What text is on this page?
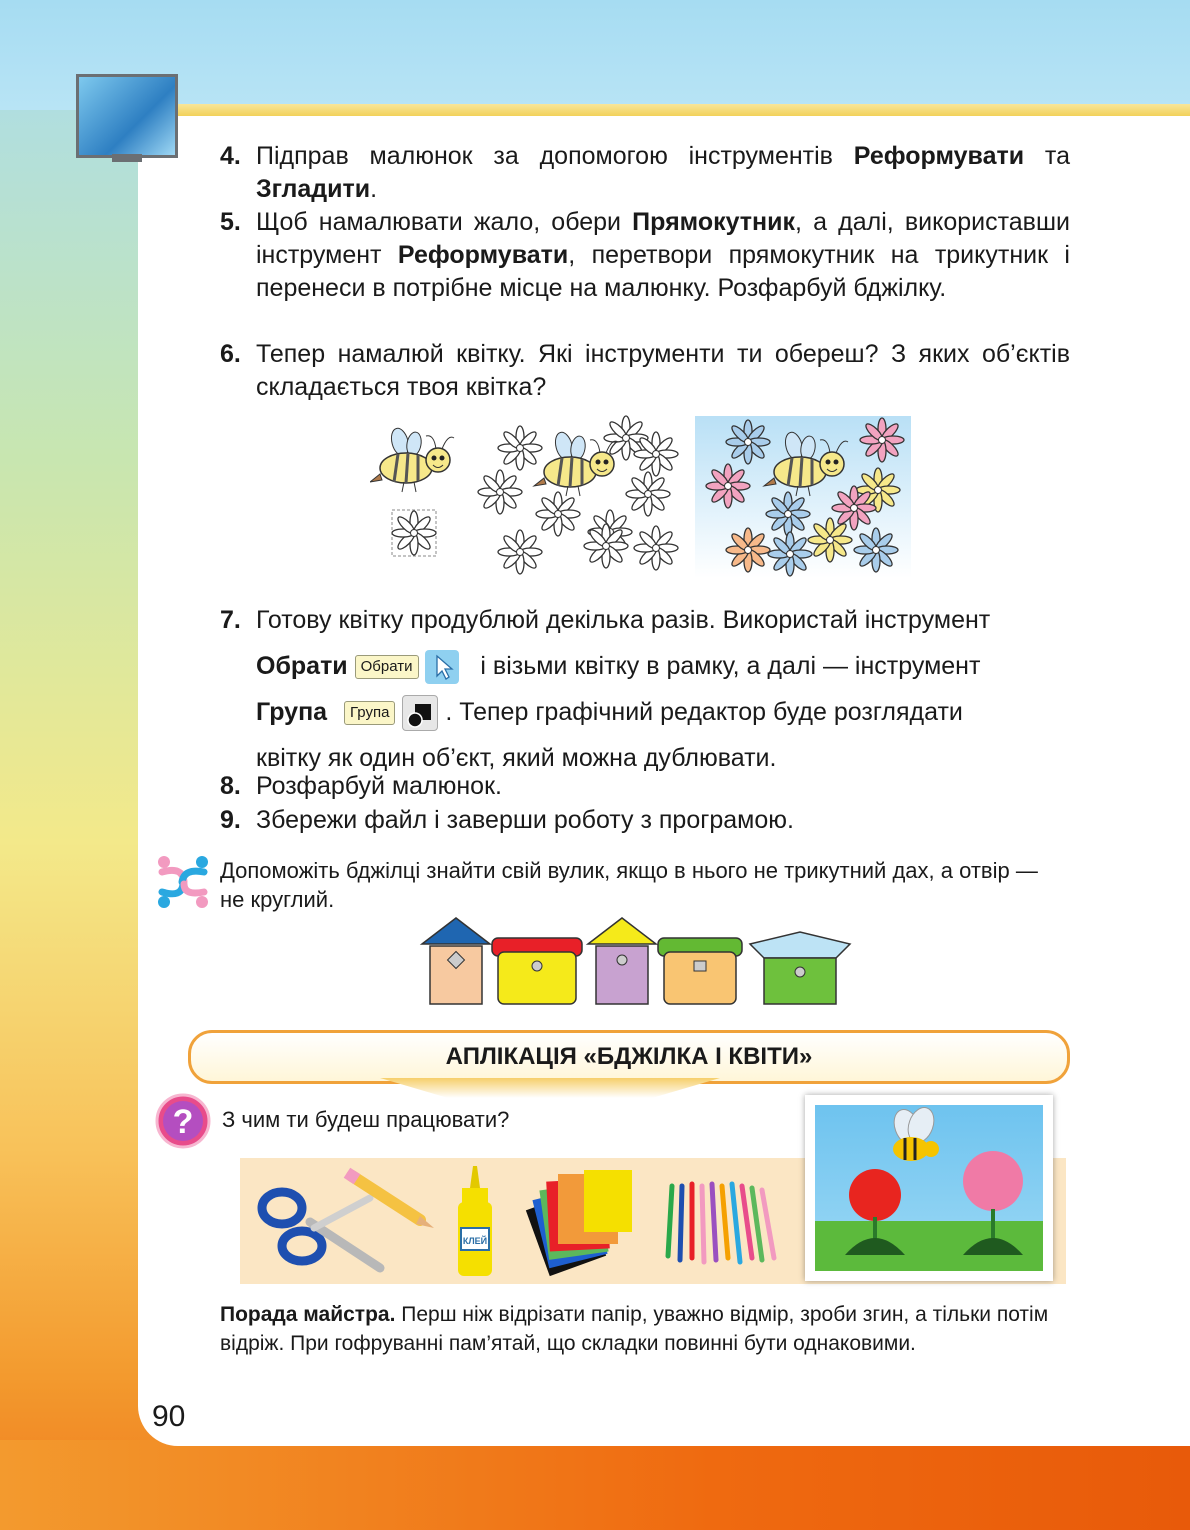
4. Підправ малюнок за допомогою інструментів Реформувати та Згладити.
5. Щоб намалювати жало, обери Прямокутник, а далі, використавши інструмент Реформувати, перетвори прямокутник на трикутник і перенеси в потрібне місце на малюнку. Розфарбуй бджілку.
6. Тепер намалюй квітку. Які інструменти ти обереш? З яких об’єктів складається твоя квітка?
7. Готову квітку продублюй декілька разів. Використай інструмент
Обрати Обрати	і візьми квітку в рамку, а далі — інструмент
Група Група . Тепер графічний редактор буде розглядати
квітку як один об’єкт, який можна дублювати.
8. Розфарбуй малюнок.
9. Збережи файл і заверши роботу з програмою.
Допоможіть бджілці знайти свій вулик, якщо в нього не трикутний дах, а отвір — не круглий.
АПЛІКАЦІЯ «БДЖІЛКА І КВІТИ»
? З чим ти будеш працювати?
КЛЕЙ
Порада майстра. Перш ніж відрізати папір, уважно відмір, зроби згин, а тільки потім відріж. При гофруванні пам’ятай, що складки повинні бути однаковими.
90
